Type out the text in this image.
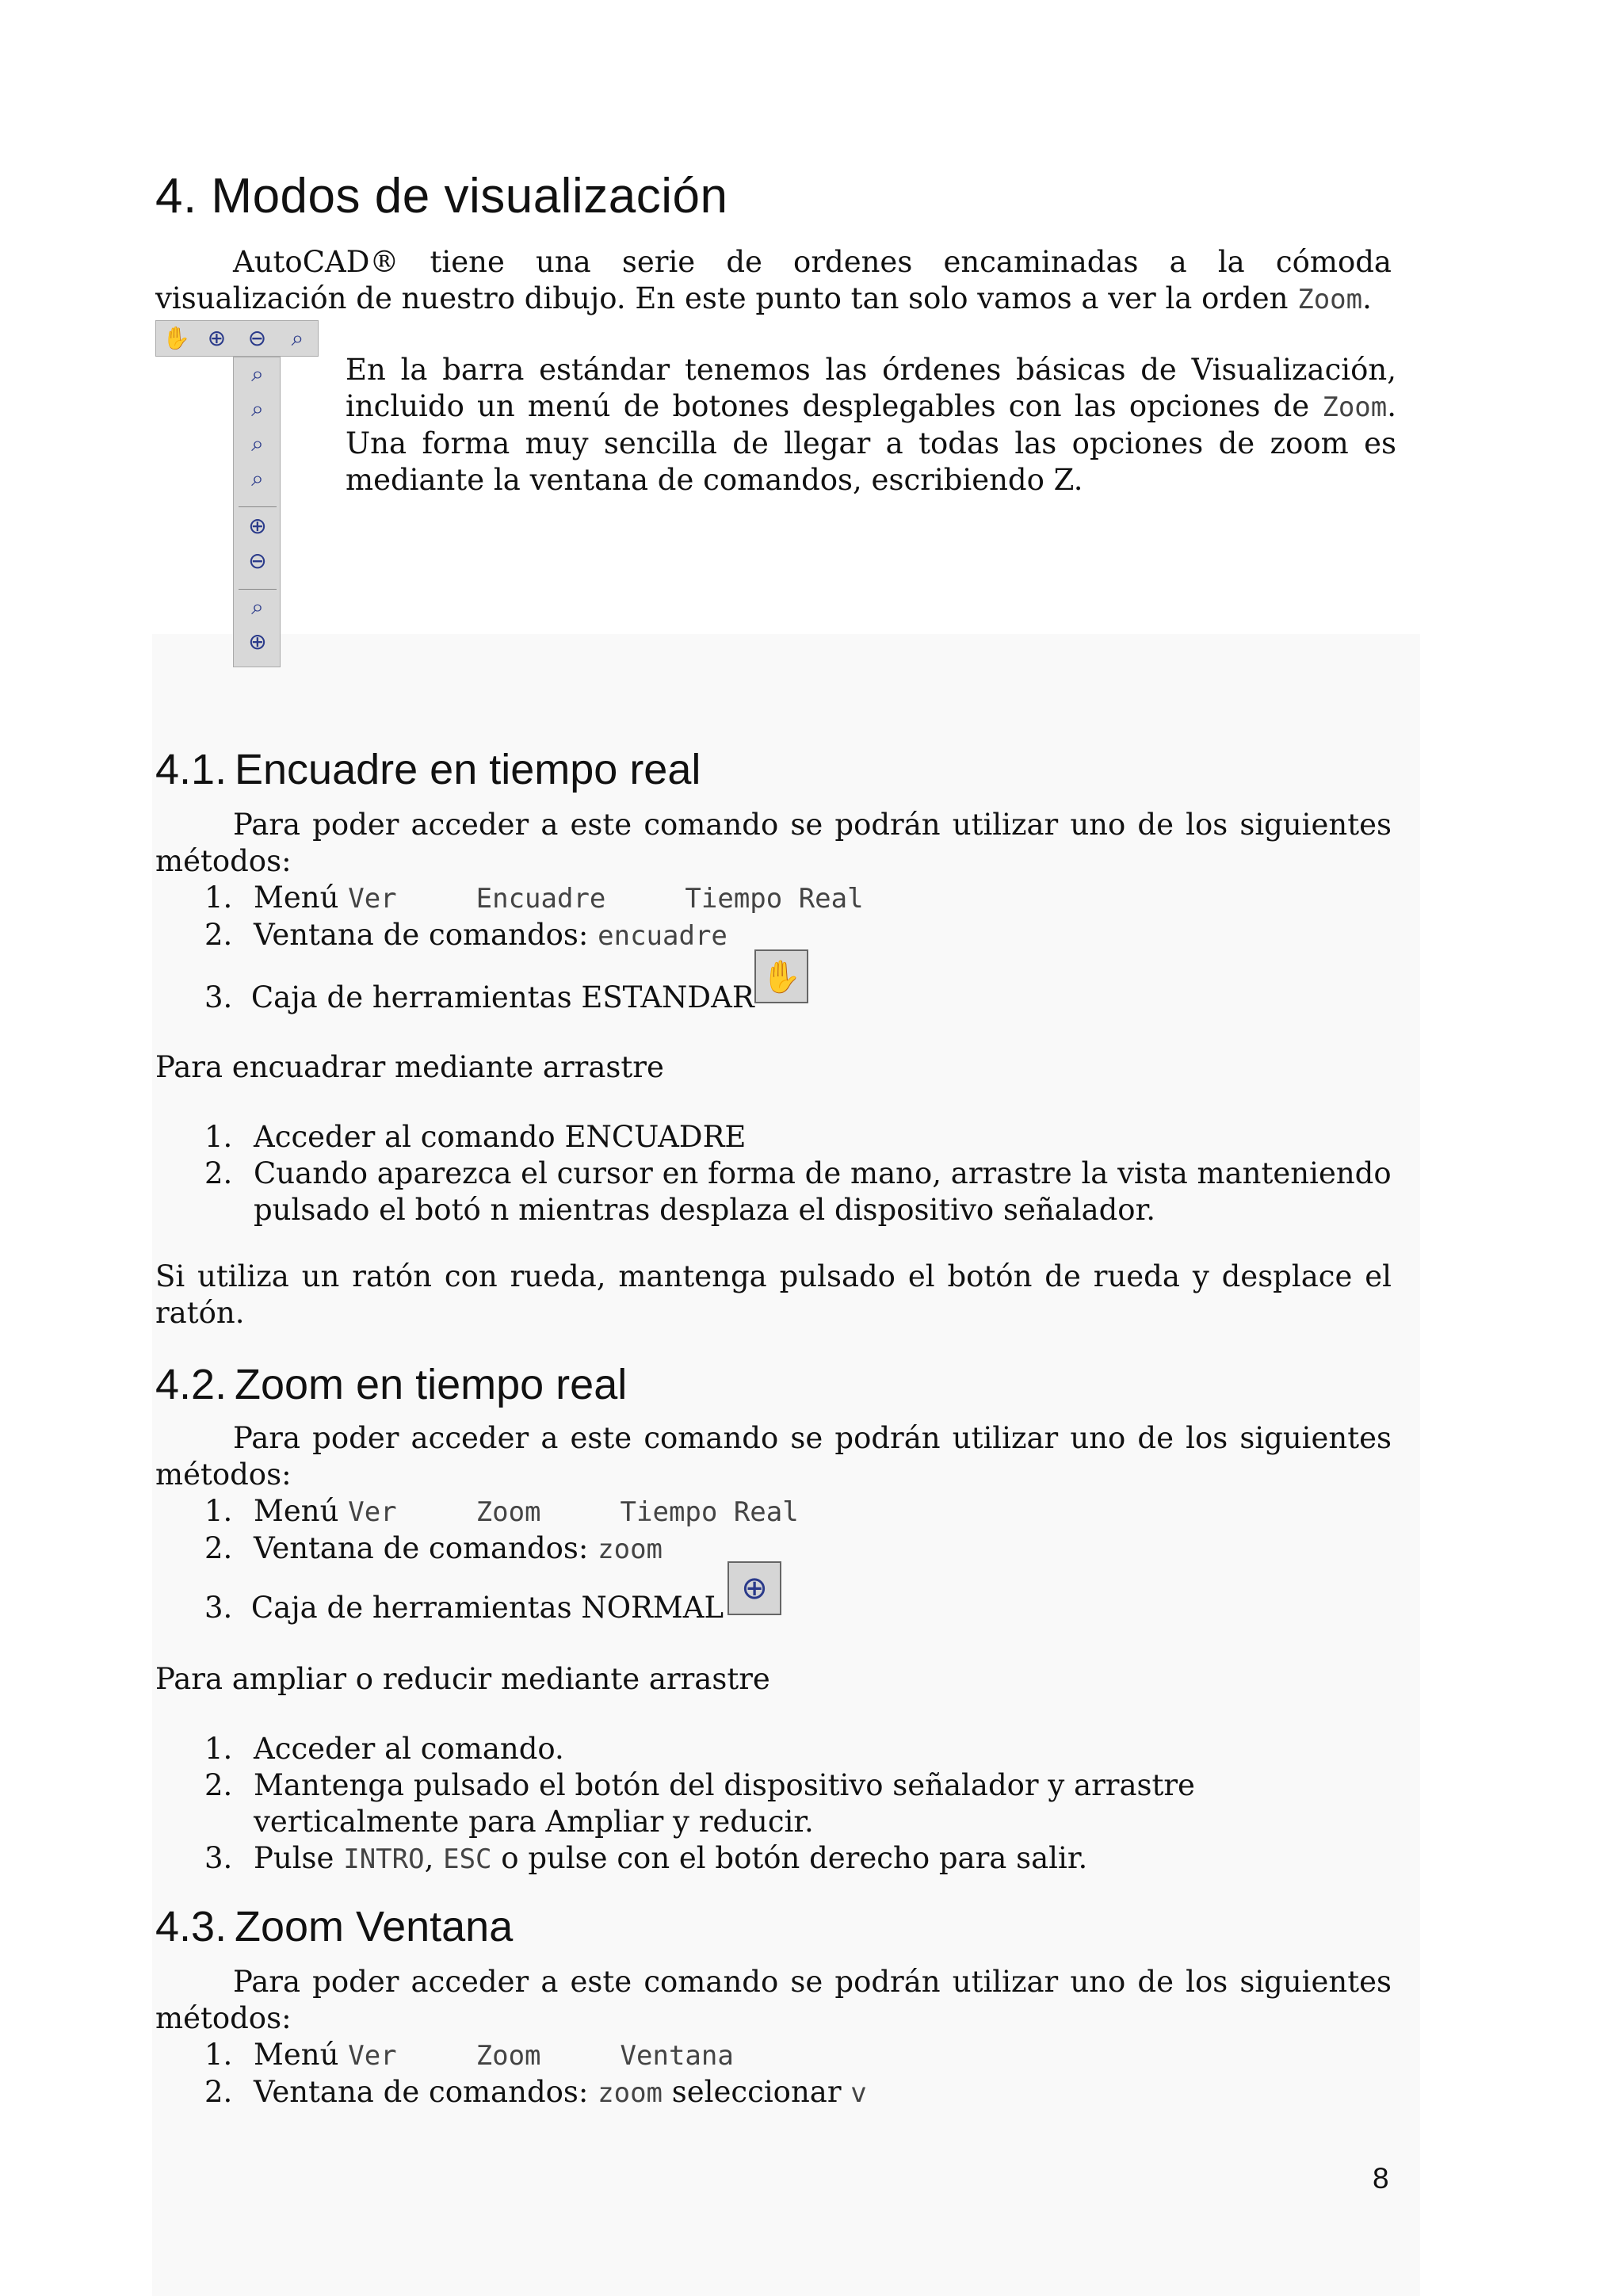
4. Modos de visualización

AutoCAD® tiene una serie de ordenes encaminadas a la cómoda visualización de nuestro dibujo. En este punto tan solo vamos a ver la orden Zoom.

✋ ⊕ ⊖	⌕
⌕
⌕
⌕
⌕
⊕
⊖
⌕
⊕

En la barra estándar tenemos las órdenes básicas de Visualización, incluido un menú de botones desplegables con las opciones de Zoom. Una forma muy sencilla de llegar a todas las opciones de zoom es mediante la ventana de comandos, escribiendo Z.

4.1. Encuadre en tiempo real

Para poder acceder a este comando se podrán utilizar uno de los siguientes métodos:

1. Menú Ver	Encuadre	Tiempo Real
2. Ventana de comandos: encuadre

3. Caja de herramientas ESTANDAR

✋

Para encuadrar mediante arrastre

1. Acceder al comando ENCUADRE
2. Cuando aparezca el cursor en forma de mano, arrastre la vista manteniendo pulsado el botó n mientras desplaza el dispositivo señalador.

Si utiliza un ratón con rueda, mantenga pulsado el botón de rueda y desplace el ratón.

4.2. Zoom en tiempo real

Para poder acceder a este comando se podrán utilizar uno de los siguientes métodos:

1. Menú Ver	Zoom	Tiempo Real
2. Ventana de comandos: zoom

3. Caja de herramientas NORMAL

⊕

Para ampliar o reducir mediante arrastre

1. Acceder al comando.
2. Mantenga pulsado el botón del dispositivo señalador y arrastre verticalmente para Ampliar y reducir.
3. Pulse INTRO, ESC o pulse con el botón derecho para salir.
4.3. Zoom Ventana

Para poder acceder a este comando se podrán utilizar uno de los siguientes métodos:

1. Menú Ver	Zoom	Ventana
2. Ventana de comandos: zoom seleccionar v
8
